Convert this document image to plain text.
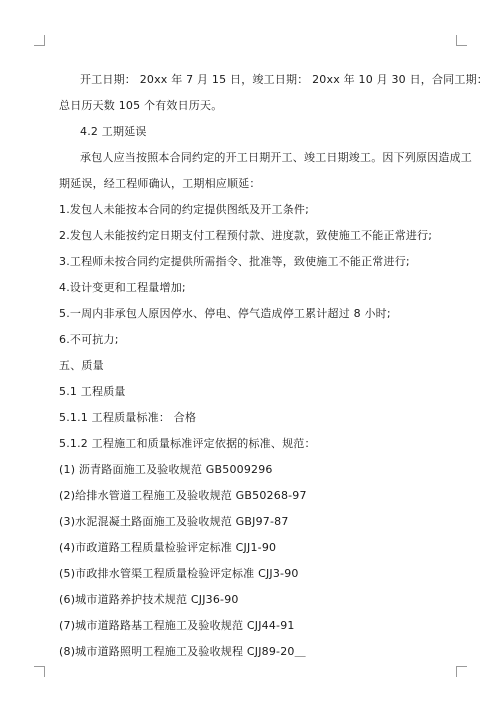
开工日期： 20xx 年 7 月 15 日，竣工日期： 20xx 年 10 月 30 日，合同工期：
总日历天数 105 个有效日历天。
4.2 工期延误
承包人应当按照本合同约定的开工日期开工、竣工日期竣工。因下列原因造成工
期延误，经工程师确认，工期相应顺延：
1.发包人未能按本合同的约定提供图纸及开工条件;
2.发包人未能按约定日期支付工程预付款、进度款，致使施工不能正常进行;
3.工程师未按合同约定提供所需指令、批准等，致使施工不能正常进行;
4.设计变更和工程量增加;
5.一周内非承包人原因停水、停电、停气造成停工累计超过 8 小时;
6.不可抗力;
五、质量
5.1 工程质量
5.1.1 工程质量标准： 合格
5.1.2 工程施工和质量标准评定依据的标准、规范：
(1) 沥青路面施工及验收规范 GB5009296
(2)给排水管道工程施工及验收规范 GB50268-97
(3)水泥混凝土路面施工及验收规范 GBJ97-87
(4)市政道路工程质量检验评定标准 CJJ1-90
(5)市政排水管渠工程质量检验评定标准 CJJ3-90
(6)城市道路养护技术规范 CJJ36-90
(7)城市道路路基工程施工及验收规范 CJJ44-91
(8)城市道路照明工程施工及验收规程 CJJ89-20＿
